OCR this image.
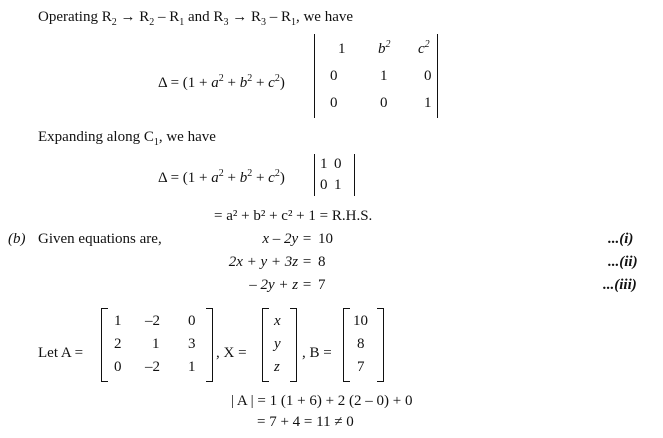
Operating $R_2 \to R_2 - R_1$ and $R_3 \to R_3 - R_1$, we have
$\Delta = (1 + a^2 + b^2 + c^2)$
1 $b^2$ $c^2$
0	1 0
0	0 1
Expanding along $C_1$, we have
$\Delta = (1 + a^2 + b^2 + c^2)$
1 0
0 1
= a² + b² + c² + 1 = R.H.S.
(b) Given equations are,	x – 2y = 10	...(i)
2x + y + 3z = 8	...(ii)
– 2y + z = 7	...(iii)
Let A =
1 –2 0
2 1 3
0 –2 1
, X =
x
y
z
, B =
10
8
7
| A | = 1 (1 + 6) + 2 (2 – 0) + 0
= 7 + 4 = 11 ≠ 0
